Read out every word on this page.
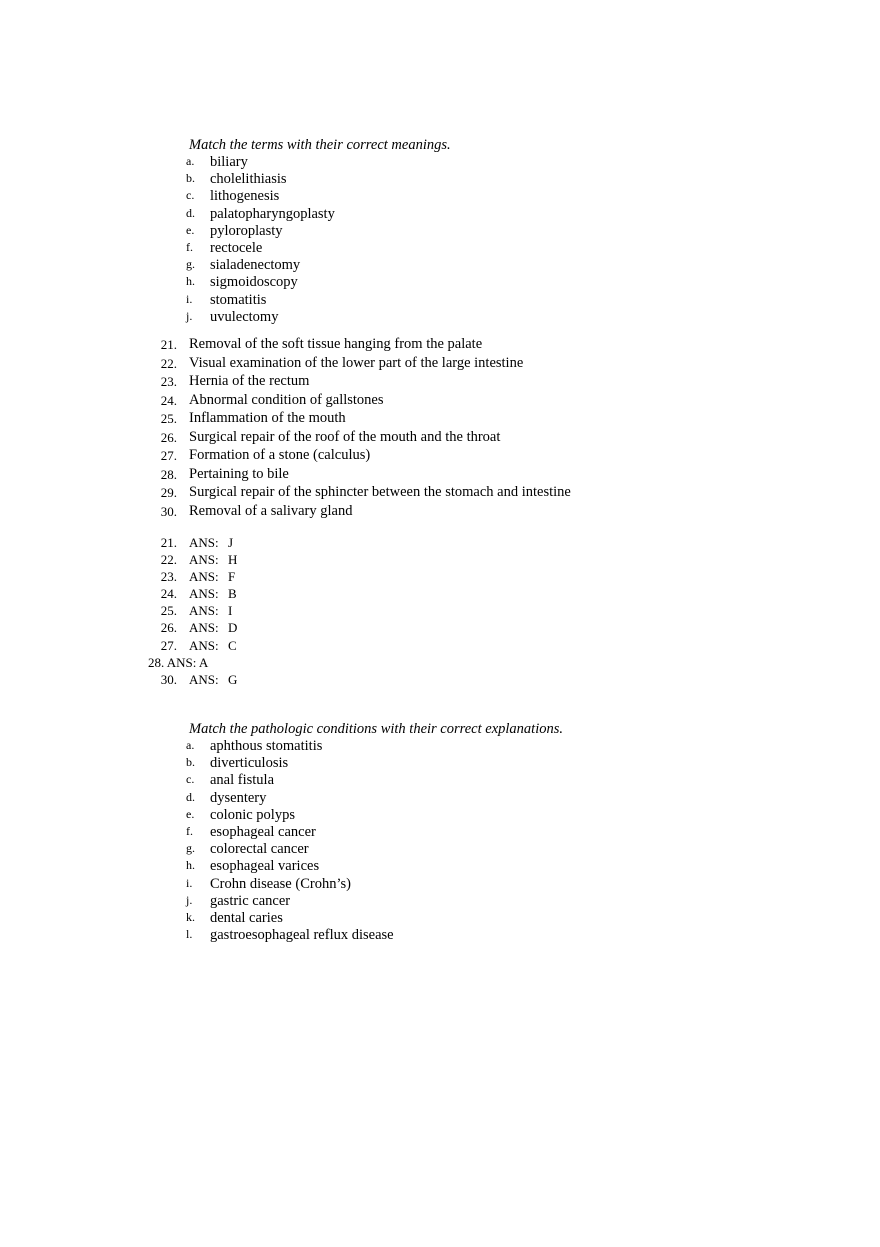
Match the terms with their correct meanings.
a. biliary
b. cholelithiasis
c. lithogenesis
d. palatopharyngoplasty
e. pyloroplasty
f. rectocele
g. sialadenectomy
h. sigmoidoscopy
i. stomatitis
j. uvulectomy
21. Removal of the soft tissue hanging from the palate
22. Visual examination of the lower part of the large intestine
23. Hernia of the rectum
24. Abnormal condition of gallstones
25. Inflammation of the mouth
26. Surgical repair of the roof of the mouth and the throat
27. Formation of a stone (calculus)
28. Pertaining to bile
29. Surgical repair of the sphincter between the stomach and intestine
30. Removal of a salivary gland
21. ANS: J
22. ANS: H
23. ANS: F
24. ANS: B
25. ANS: I
26. ANS: D
27. ANS: C
28. ANS: A
30. ANS: G
Match the pathologic conditions with their correct explanations.
a. aphthous stomatitis
b. diverticulosis
c. anal fistula
d. dysentery
e. colonic polyps
f. esophageal cancer
g. colorectal cancer
h. esophageal varices
i. Crohn disease (Crohn’s)
j. gastric cancer
k. dental caries
l. gastroesophageal reflux disease
